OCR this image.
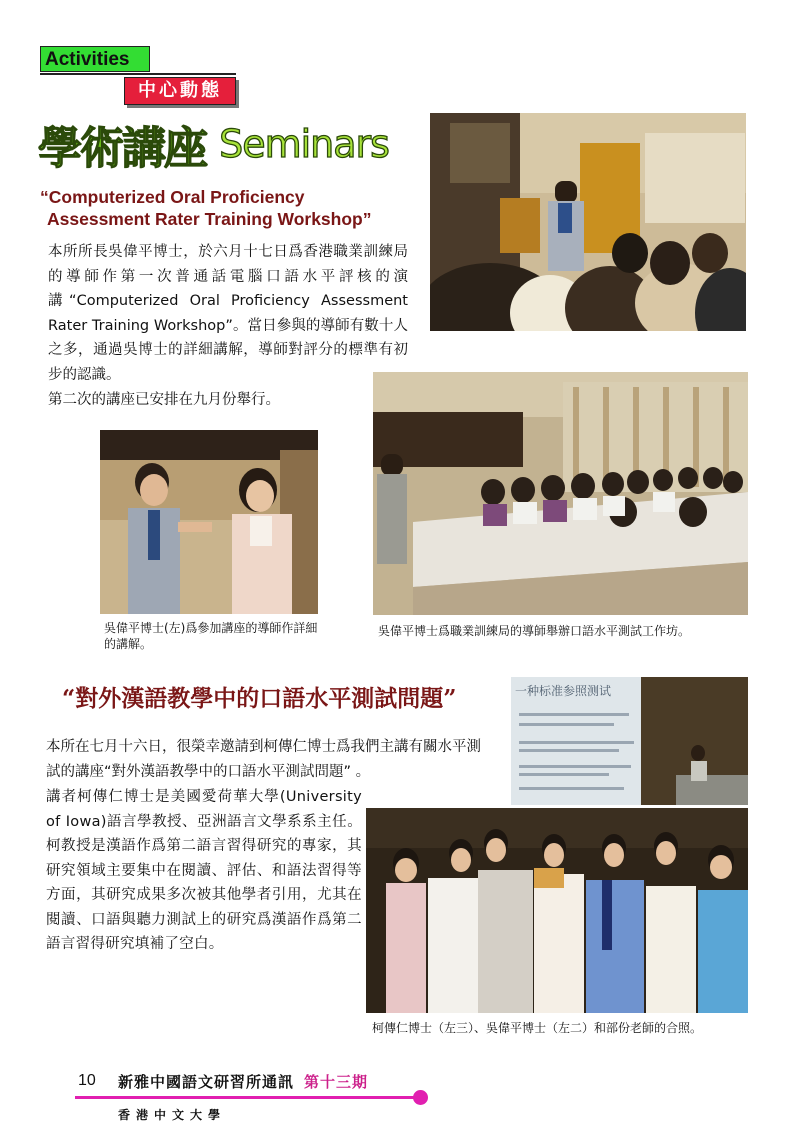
Activities
中心動態
學術講座 Seminars
“Computerized Oral Proficiency
Assessment Rater Training Workshop”
本所所長吳偉平博士，於六月十七日爲香港職業訓練局的導師作第一次普通話電腦口語水平評核的演講“Computerized Oral Proficiency Assessment Rater Training Workshop”。當日參與的導師有數十人之多，通過吳博士的詳細講解，導師對評分的標準有初步的認識。
第二次的講座已安排在九月份舉行。
一种标准参照测试
吳偉平博士(左)爲參加講座的導師作詳細的講解。
吳偉平博士爲職業訓練局的導師舉辦口語水平測試工作坊。
“對外漢語教學中的口語水平測試問題”
本所在七月十六日，很榮幸邀請到柯傳仁博士爲我們主講有關水平測試的講座“對外漢語教學中的口語水平測試問題” 。
講者柯傳仁博士是美國愛荷華大學(University of Iowa)語言學教授、亞洲語言文學系系主任。柯教授是漢語作爲第二語言習得研究的專家，其研究領域主要集中在閱讀、評估、和語法習得等方面，其研究成果多次被其他學者引用，尤其在閱讀、口語與聽力測試上的研究爲漢語作爲第二語言習得研究填補了空白。
柯傳仁博士（左三）、吳偉平博士（左二）和部份老師的合照。
10 新雅中國語文研習所通訊 第十三期
香港中文大學
